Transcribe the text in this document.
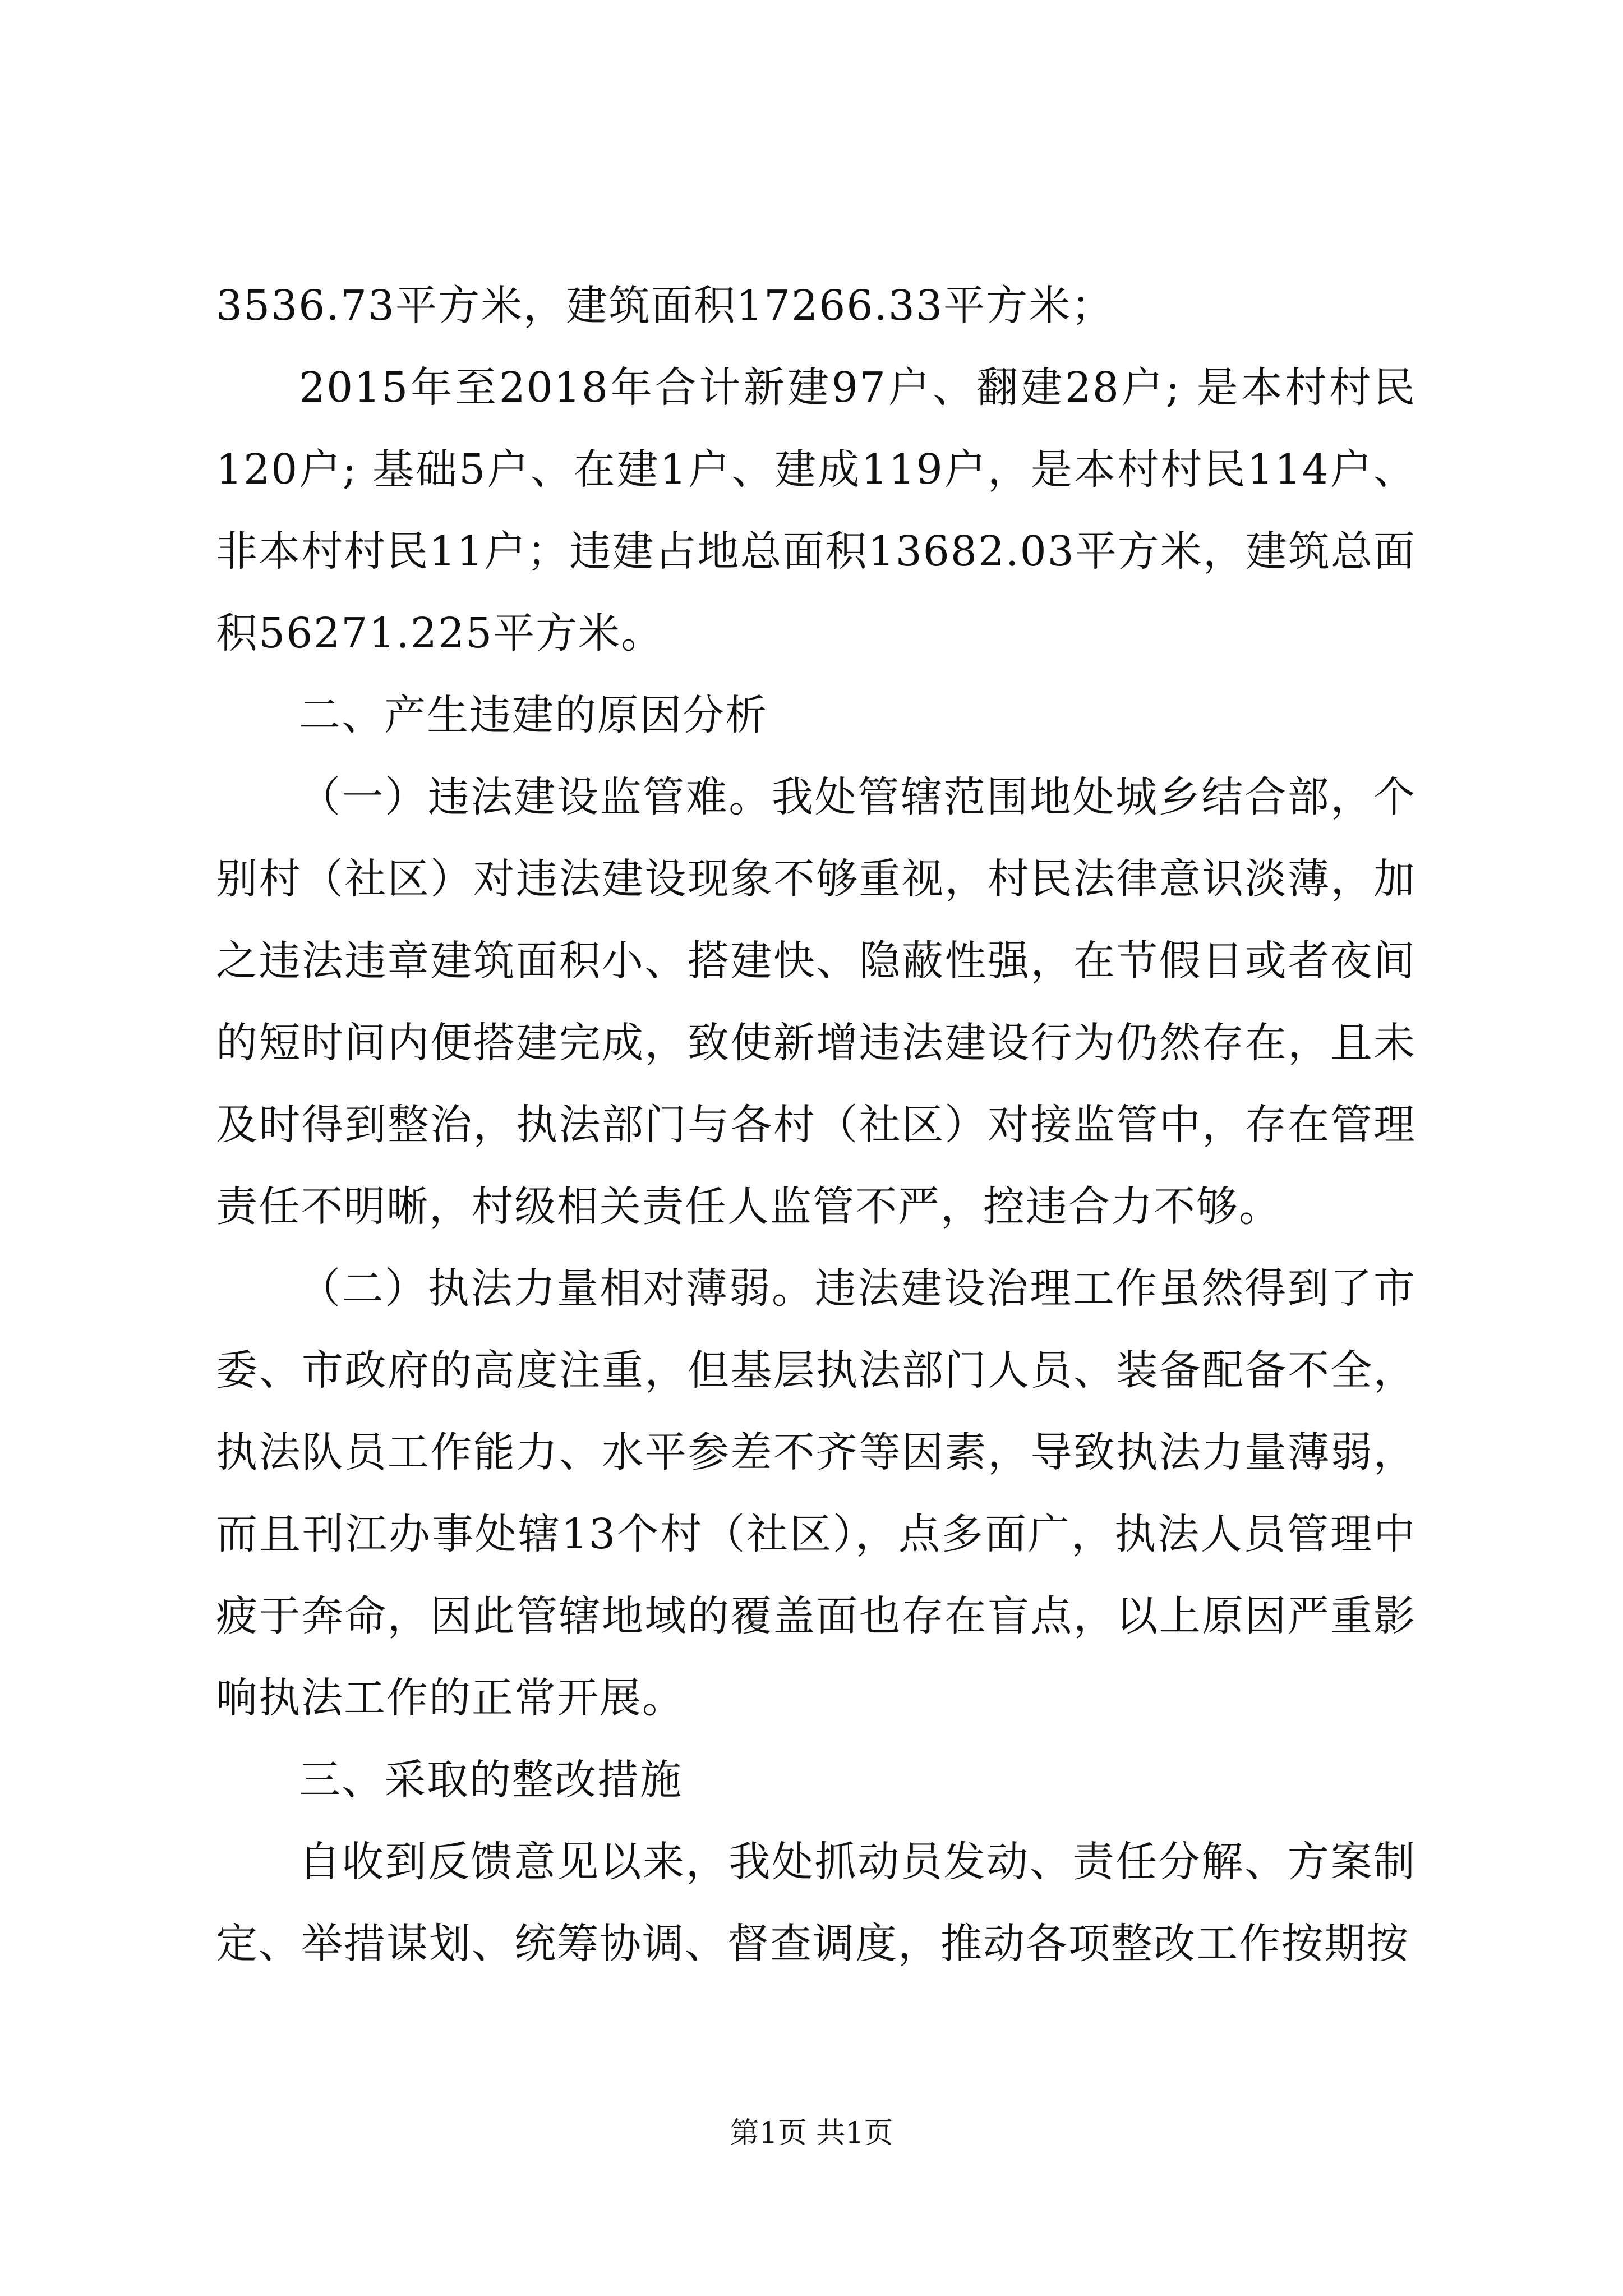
3536.73平方米，建筑面积17266.33平方米；

2015年至2018年合计新建97户、翻建28户; 是本村村民120户; 基础5户、在建1户、建成119户，是本村村民114户、非本村村民11户；违建占地总面积13682.03平方米，建筑总面积56271.225平方米。

二、产生违建的原因分析

（一）违法建设监管难。我处管辖范围地处城乡结合部，个别村（社区）对违法建设现象不够重视，村民法律意识淡薄，加之违法违章建筑面积小、搭建快、隐蔽性强，在节假日或者夜间的短时间内便搭建完成，致使新增违法建设行为仍然存在，且未及时得到整治，执法部门与各村（社区）对接监管中，存在管理责任不明晰，村级相关责任人监管不严，控违合力不够。

（二）执法力量相对薄弱。违法建设治理工作虽然得到了市委、市政府的高度注重，但基层执法部门人员、装备配备不全，执法队员工作能力、水平参差不齐等因素，导致执法力量薄弱，而且刊江办事处辖13个村（社区），点多面广，执法人员管理中疲于奔命，因此管辖地域的覆盖面也存在盲点，以上原因严重影响执法工作的正常开展。

三、采取的整改措施

自收到反馈意见以来，我处抓动员发动、责任分解、方案制定、举措谋划、统筹协调、督查调度，推动各项整改工作按期按

第1页 共1页
